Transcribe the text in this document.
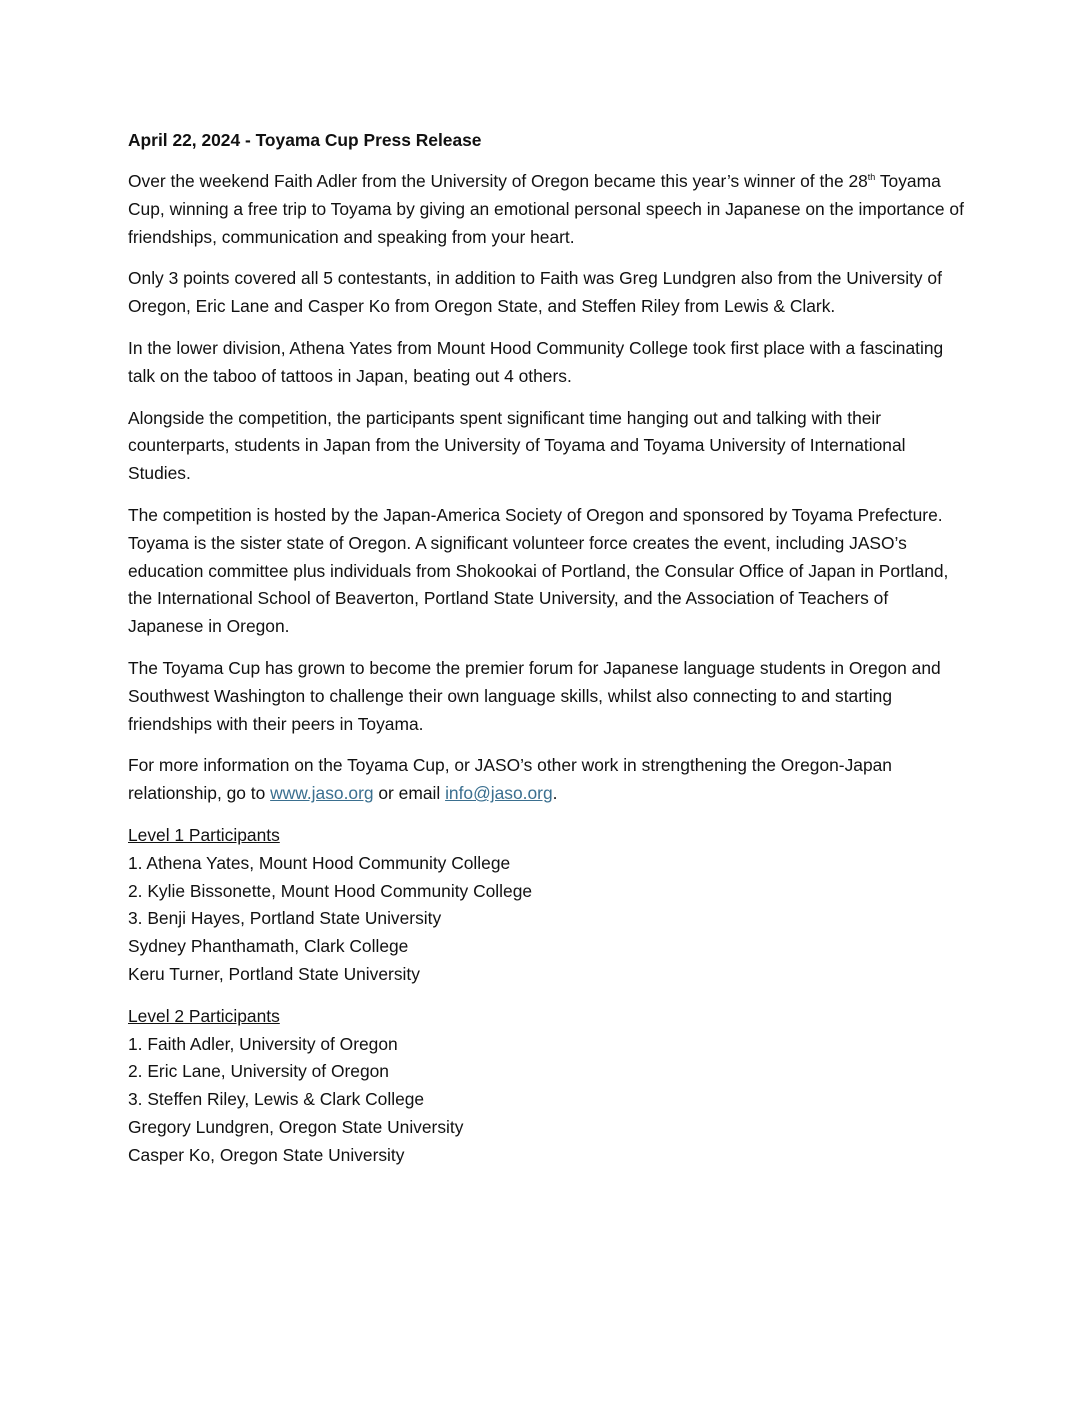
April 22, 2024 - Toyama Cup Press Release

Over the weekend Faith Adler from the University of Oregon became this year’s winner of the 28th Toyama Cup, winning a free trip to Toyama by giving an emotional personal speech in Japanese on the importance of friendships, communication and speaking from your heart.

Only 3 points covered all 5 contestants, in addition to Faith was Greg Lundgren also from the University of Oregon, Eric Lane and Casper Ko from Oregon State, and Steffen Riley from Lewis & Clark.

In the lower division, Athena Yates from Mount Hood Community College took first place with a fascinating talk on the taboo of tattoos in Japan, beating out 4 others.

Alongside the competition, the participants spent significant time hanging out and talking with their counterparts, students in Japan from the University of Toyama and Toyama University of International Studies.

The competition is hosted by the Japan-America Society of Oregon and sponsored by Toyama Prefecture. Toyama is the sister state of Oregon. A significant volunteer force creates the event, including JASO’s education committee plus individuals from Shokookai of Portland, the Consular Office of Japan in Portland, the International School of Beaverton, Portland State University, and the Association of Teachers of Japanese in Oregon.

The Toyama Cup has grown to become the premier forum for Japanese language students in Oregon and Southwest Washington to challenge their own language skills, whilst also connecting to and starting friendships with their peers in Toyama.

For more information on the Toyama Cup, or JASO’s other work in strengthening the Oregon-Japan relationship, go to www.jaso.org or email info@jaso.org.

Level 1 Participants
1. Athena Yates, Mount Hood Community College
2. Kylie Bissonette, Mount Hood Community College
3. Benji Hayes, Portland State University
Sydney Phanthamath, Clark College
Keru Turner, Portland State University
Level 2 Participants
1. Faith Adler, University of Oregon
2. Eric Lane, University of Oregon
3. Steffen Riley, Lewis & Clark College
Gregory Lundgren, Oregon State University
Casper Ko, Oregon State University
